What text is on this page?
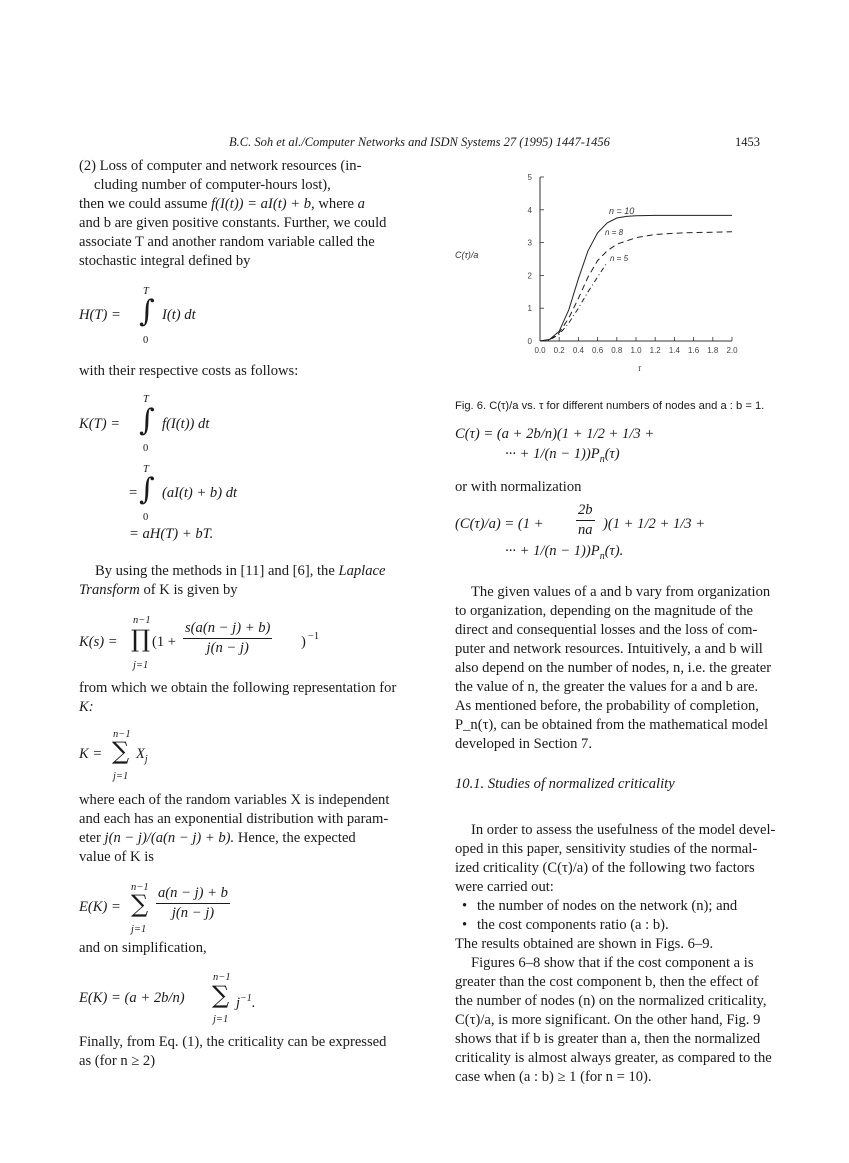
B.C. Soh et al./Computer Networks and ISDN Systems 27 (1995) 1447-1456	1453
(2) Loss of computer and network resources (in-
cluding number of computer-hours lost),
then we could assume f(I(t)) = aI(t) + b, where a
and b are given positive constants. Further, we could
associate T and another random variable called the
stochastic integral defined by
T
H(T) = ∫ I(t) dt
0
with their respective costs as follows:
T
K(T) = ∫ f(I(t)) dt
0
T
= ∫ (aI(t) + b) dt
0
= aH(T) + bT.
By using the methods in [11] and [6], the Laplace
Transform of K is given by
n−1
K(s) = ∏ ($1 + \frac{s(a(n - j) + b)}{j(n - j)}$ ) −1
j=1
from which we obtain the following representation for
K:
n−1
K = ∑ $X_j$
j=1
where each of the random variables X is independent
and each has an exponential distribution with param-
eter j(n − j)/(a(n − j) + b). Hence, the expected
value of K is
n−1
E(K) = ∑ $\frac{a(n - j) + b}{j(n - j)}$
j=1
and on simplification,
n−1
E(K) = (a + 2b/n) ∑ $j^{-1}$.
j=1
Finally, from Eq. (1), the criticality can be expressed
as (for n ≥ 2)
0.0 0.2 0.4 0.6 0.8 1.0 1.2 1.4 1.6 1.8 2.0
0
1
2
3
4
5
C(τ)/a
τ
n = 10
n = 8
n = 5
Fig. 6. C(τ)/a vs. τ for different numbers of nodes and a : b = 1.
C(τ) = (a + 2b/n)(1 + 1/2 + 1/3 +
··· + $1/(n - 1))P_n(\tau)$
or with normalization
$(C(\tau)/a) = (1 + \frac{2b}{na} )(1 + 1/2 + 1/3$ +
··· + $1/(n - 1))P_n(\tau)$.
The given values of a and b vary from organization
to organization, depending on the magnitude of the
direct and consequential losses and the loss of com-
puter and network resources. Intuitively, a and b will
also depend on the number of nodes, n, i.e. the greater
the value of n, the greater the values for a and b are.
As mentioned before, the probability of completion,
P_n(τ), can be obtained from the mathematical model
developed in Section 7.
10.1. Studies of normalized criticality
In order to assess the usefulness of the model devel-
oped in this paper, sensitivity studies of the normal-
ized criticality (C(τ)/a) of the following two factors
were carried out:
• the number of nodes on the network (n); and
• the cost components ratio (a : b).
The results obtained are shown in Figs. 6–9.
Figures 6–8 show that if the cost component a is
greater than the cost component b, then the effect of
the number of nodes (n) on the normalized criticality,
C(τ)/a, is more significant. On the other hand, Fig. 9
shows that if b is greater than a, then the normalized
criticality is almost always greater, as compared to the
case when (a : b) ≥ 1 (for n = 10).
